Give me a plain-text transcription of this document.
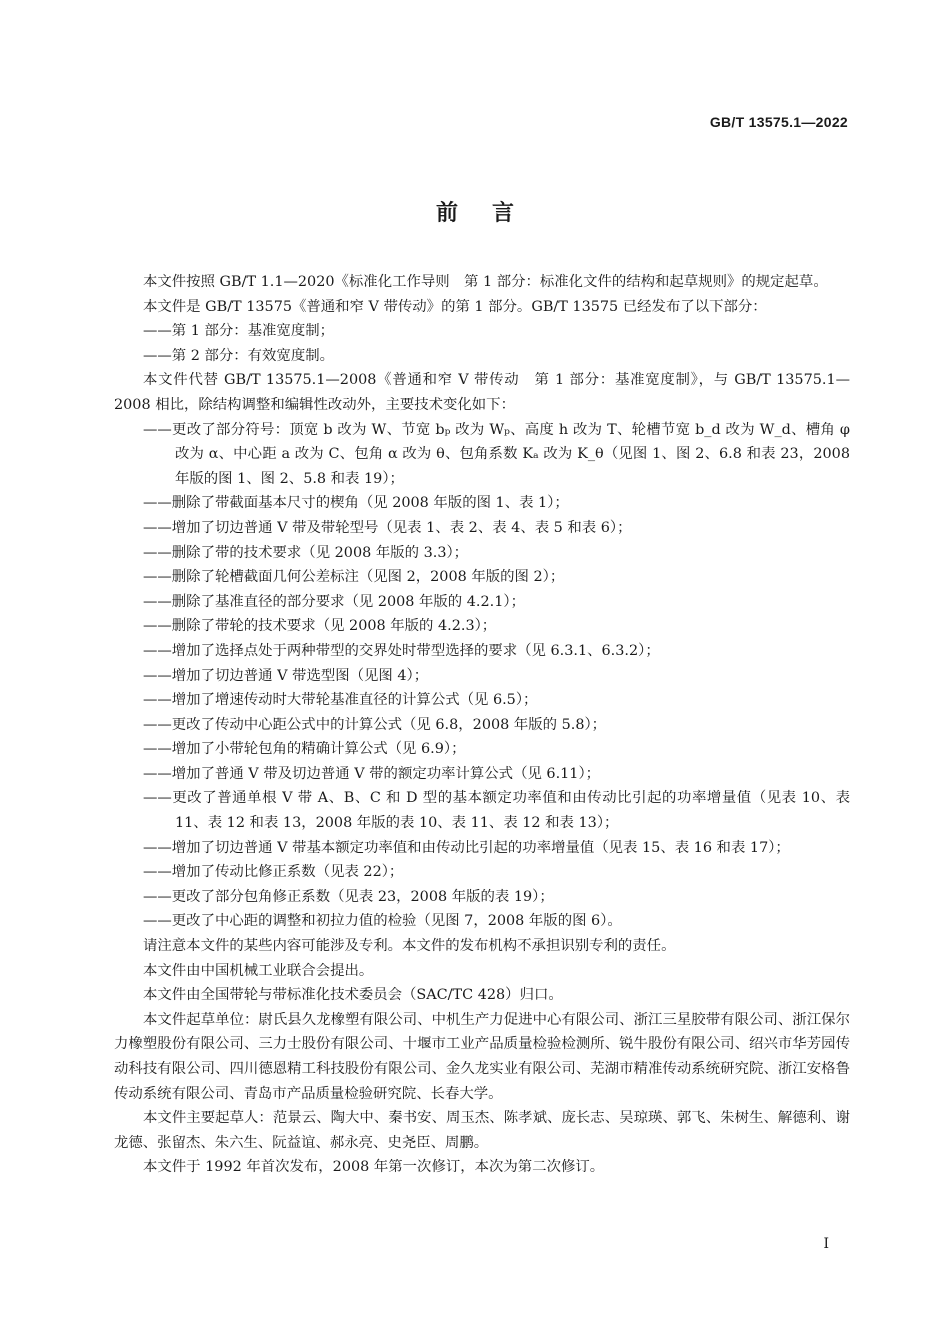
GB/T 13575.1—2022
前言

本文件按照 GB/T 1.1—2020《标准化工作导则　第 1 部分：标准化文件的结构和起草规则》的规定起草。

本文件是 GB/T 13575《普通和窄 V 带传动》的第 1 部分。GB/T 13575 已经发布了以下部分：

——第 1 部分：基准宽度制；

——第 2 部分：有效宽度制。

本文件代替 GB/T 13575.1—2008《普通和窄 V 带传动　第 1 部分：基准宽度制》，与 GB/T 13575.1—2008 相比，除结构调整和编辑性改动外，主要技术变化如下：

——更改了部分符号：顶宽 b 改为 W、节宽 bₚ 改为 Wₚ、高度 h 改为 T、轮槽节宽 b_d 改为 W_d、槽角 φ 改为 α、中心距 a 改为 C、包角 α 改为 θ、包角系数 Kₐ 改为 K_θ（见图 1、图 2、6.8 和表 23，2008 年版的图 1、图 2、5.8 和表 19）；

——删除了带截面基本尺寸的楔角（见 2008 年版的图 1、表 1）；

——增加了切边普通 V 带及带轮型号（见表 1、表 2、表 4、表 5 和表 6）；

——删除了带的技术要求（见 2008 年版的 3.3）；

——删除了轮槽截面几何公差标注（见图 2，2008 年版的图 2）；

——删除了基准直径的部分要求（见 2008 年版的 4.2.1）；

——删除了带轮的技术要求（见 2008 年版的 4.2.3）；

——增加了选择点处于两种带型的交界处时带型选择的要求（见 6.3.1、6.3.2）；

——增加了切边普通 V 带选型图（见图 4）；

——增加了增速传动时大带轮基准直径的计算公式（见 6.5）；

——更改了传动中心距公式中的计算公式（见 6.8，2008 年版的 5.8）；

——增加了小带轮包角的精确计算公式（见 6.9）；

——增加了普通 V 带及切边普通 V 带的额定功率计算公式（见 6.11）；

——更改了普通单根 V 带 A、B、C 和 D 型的基本额定功率值和由传动比引起的功率增量值（见表 10、表 11、表 12 和表 13，2008 年版的表 10、表 11、表 12 和表 13）；

——增加了切边普通 V 带基本额定功率值和由传动比引起的功率增量值（见表 15、表 16 和表 17）；

——增加了传动比修正系数（见表 22）；

——更改了部分包角修正系数（见表 23，2008 年版的表 19）；

——更改了中心距的调整和初拉力值的检验（见图 7，2008 年版的图 6）。

请注意本文件的某些内容可能涉及专利。本文件的发布机构不承担识别专利的责任。

本文件由中国机械工业联合会提出。

本文件由全国带轮与带标准化技术委员会（SAC/TC 428）归口。

本文件起草单位：尉氏县久龙橡塑有限公司、中机生产力促进中心有限公司、浙江三星胶带有限公司、浙江保尔力橡塑股份有限公司、三力士股份有限公司、十堰市工业产品质量检验检测所、锐牛股份有限公司、绍兴市华芳园传动科技有限公司、四川德恩精工科技股份有限公司、金久龙实业有限公司、芜湖市精准传动系统研究院、浙江安格鲁传动系统有限公司、青岛市产品质量检验研究院、长春大学。

本文件主要起草人：范景云、陶大中、秦书安、周玉杰、陈孝斌、庞长志、吴琼瑛、郭飞、朱树生、解德利、谢龙德、张留杰、朱六生、阮益谊、郝永亮、史尧臣、周鹏。

本文件于 1992 年首次发布，2008 年第一次修订，本次为第二次修订。

Ⅰ
